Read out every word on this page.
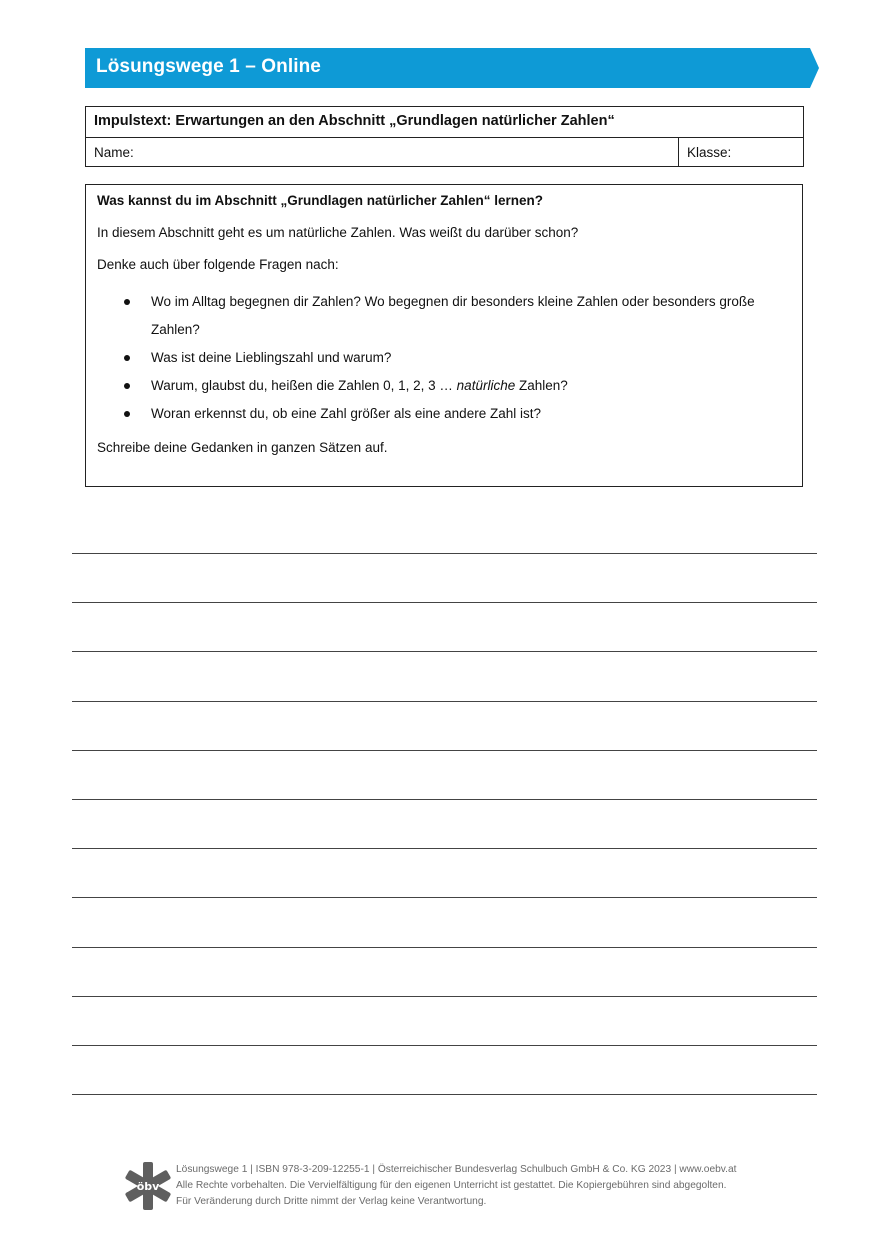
Lösungswege 1 – Online
Impulstext: Erwartungen an den Abschnitt „Grundlagen natürlicher Zahlen“
Name:	Klasse:
Was kannst du im Abschnitt „Grundlagen natürlicher Zahlen“ lernen?
In diesem Abschnitt geht es um natürliche Zahlen. Was weißt du darüber schon?
Denke auch über folgende Fragen nach:
Wo im Alltag begegnen dir Zahlen? Wo begegnen dir besonders kleine Zahlen oder besonders große Zahlen?
Was ist deine Lieblingszahl und warum?
Warum, glaubst du, heißen die Zahlen 0, 1, 2, 3 … natürliche Zahlen?
Woran erkennst du, ob eine Zahl größer als eine andere Zahl ist?
Schreibe deine Gedanken in ganzen Sätzen auf.
öbv
Lösungswege 1 | ISBN 978-3-209-12255-1 | Österreichischer Bundesverlag Schulbuch GmbH & Co. KG 2023 | www.oebv.at
Alle Rechte vorbehalten. Die Vervielfältigung für den eigenen Unterricht ist gestattet. Die Kopiergebühren sind abgegolten.
Für Veränderung durch Dritte nimmt der Verlag keine Verantwortung.
